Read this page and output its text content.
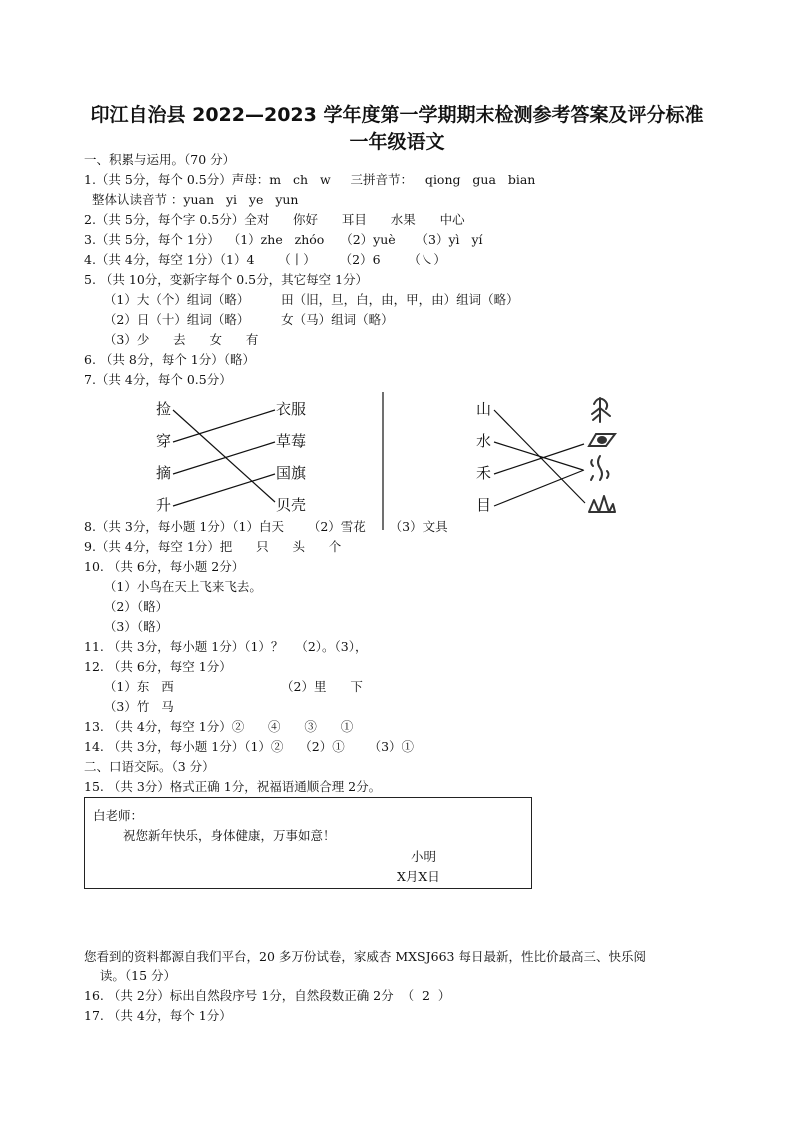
印江自治县 2022—2023 学年度第一学期期末检测参考答案及评分标准
一年级语文
一、积累与运用。（70 分）
1.（共 5分，每个 0.5分）声母：m   ch   w     三拼音节：   qiong   gua   bian
整体认读音节 ：yuan   yi   ye   yun
2.（共 5分，每个字 0.5分）全对      你好      耳目      水果      中心
3.（共 5分，每个 1分）  （1）zhe   zhóo    （2）yuè     （3）yì   yí
4.（共 4分，每空 1分）（1）4      （丨）      （2）6       （㇏）
5. （共 10分，变新字每个 0.5分，其它每空 1分）
（1）大（个）组词（略）        田（旧，旦，白，由，甲，由）组词（略）
（2）日（十）组词（略）        女（马）组词（略）
（3）少      去      女      有
6. （共 8分，每个 1分）（略）
7.（共 4分，每个 0.5分）
捡
穿
摘
升
衣服
草莓
国旗
贝壳
山
水
禾
目
8.（共 3分，每小题 1分）（1）白天      （2）雪花      （3）文具
9.（共 4分，每空 1分）把      只      头      个
10. （共 6分，每小题 2分）
（1）小鸟在天上飞来飞去。
（2）（略）
（3）（略）
11. （共 3分，每小题 1分）（1）？   （2）。（3），
12. （共 6分，每空 1分）
（1）东   西                           （2）里      下
（3）竹   马
13. （共 4分，每空 1分）②      ④      ③      ①
14. （共 3分，每小题 1分）（1）②    （2）①      （3）①
二、口语交际。（3 分）
15. （共 3分）格式正确 1分，祝福语通顺合理 2分。
白老师：
祝您新年快乐，身体健康，万事如意！
小明
X月X日
您看到的资料都源自我们平台，20 多万份试卷，家威杏 MXSJ663 每日最新，性比价最高三、快乐阅
读。（15 分）
16. （共 2分）标出自然段序号 1分，自然段数正确 2分  （  2  ）
17. （共 4分，每个 1分）
